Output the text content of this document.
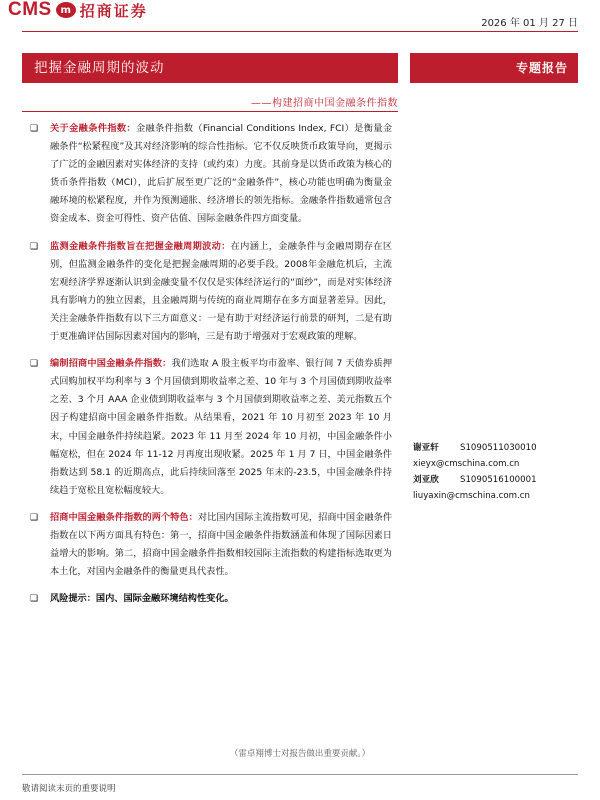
CMS m 招商证券
2026 年 01 月 27 日
把握金融周期的波动	专题报告
——构建招商中国金融条件指数
❑ 关于金融条件指数：金融条件指数（Financial Conditions Index, FCI）是衡量金融条件“松紧程度”及其对经济影响的综合性指标。它不仅反映货币政策导向，更揭示了广泛的金融因素对实体经济的支持（或约束）力度。其前身是以货币政策为核心的货币条件指数（MCI），此后扩展至更广泛的“金融条件”，核心功能也明确为衡量金融环境的松紧程度，并作为预测通胀、经济增长的领先指标。金融条件指数通常包含资金成本、资金可得性、资产估值、国际金融条件四方面变量。
❑ 监测金融条件指数旨在把握金融周期波动：在内涵上，金融条件与金融周期存在区别，但监测金融条件的变化是把握金融周期的必要手段。2008年金融危机后，主流宏观经济学界逐渐认识到金融变量不仅仅是实体经济运行的“面纱”，而是对实体经济具有影响力的独立因素，且金融周期与传统的商业周期存在多方面显著差异。因此，关注金融条件指数有以下三方面意义：一是有助于对经济运行前景的研判，二是有助于更准确评估国际因素对国内的影响，三是有助于增强对于宏观政策的理解。
❑ 编制招商中国金融条件指数：我们选取 A 股主板平均市盈率、银行间 7 天债券质押式回购加权平均利率与 3 个月国债到期收益率之差、10 年与 3 个月国债到期收益率之差、3 个月 AAA 企业债到期收益率与 3 个月国债到期收益率之差、美元指数五个因子构建招商中国金融条件指数。从结果看，2021 年 10 月初至 2023 年 10 月末，中国金融条件持续趋紧。2023 年 11 月至 2024 年 10 月初，中国金融条件小幅宽松，但在 2024 年 11-12 月再度出现收紧。2025 年 1 月 7 日，中国金融条件指数达到 58.1 的近期高点，此后持续回落至 2025 年末的-23.5，中国金融条件持续趋于宽松且宽松幅度较大。
❑ 招商中国金融条件指数的两个特色：对比国内国际主流指数可见，招商中国金融条件指数在以下两方面具有特色：第一，招商中国金融条件指数涵盖和体现了国际因素日益增大的影响。第二，招商中国金融条件指数相较国际主流指数的构建指标选取更为本土化，对国内金融条件的衡量更具代表性。
❑ 风险提示：国内、国际金融环境结构性变化。
谢亚轩 S1090511030010
xieyx@cmschina.com.cn
刘亚欣 S1090516100001
liuyaxin@cmschina.com.cn
（雷卓翔博士对报告做出重要贡献。）
敬请阅读末页的重要说明
